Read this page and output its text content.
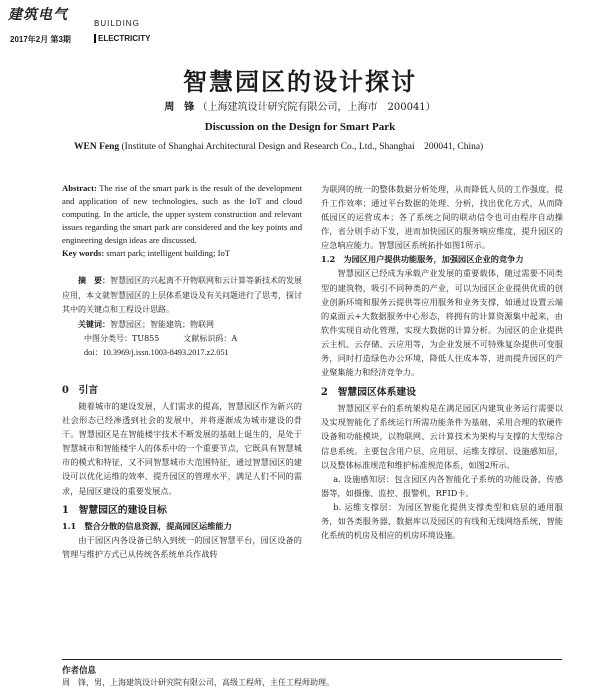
建筑电气
BUILDING
2017年2月 第3期	ELECTRICITY
智慧园区的设计探讨
周　锋 （上海建筑设计研究院有限公司，上海市　200041）
Discussion on the Design for Smart Park
WEN Feng (Institute of Shanghai Architectural Design and Research Co., Ltd., Shanghai　200041, China)

Abstract: The rise of the smart park is the result of the development and application of new technologies, such as the IoT and cloud computing. In the article, the upper system construction and relevant issues regarding the smart park are considered and the key points and engineering design ideas are discussed.

Key words: smart park; intelligent building; IoT

摘　要：智慧园区的兴起离不开物联网和云计算等新技术的发展应用，本文就智慧园区的上层体系建设及有关问题进行了思考，探讨其中的关键点和工程设计思路。

关键词：智慧园区；智能建筑；物联网

中图分类号：TU855   	文献标识码：A

doi：10.3969/j.issn.1003-8493.2017.z2.051

0　引言

随着城市的建设发展，人们需求的提高，智慧园区作为新兴的社会形态已经渗透到社会的发展中，并将逐渐成为城市建设的骨干。智慧园区是在智能楼宇技术不断发展的基础上诞生的，是处于智慧城市和智能楼宇人的体系中的一个重要节点，它既具有智慧城市的模式和特征，又不同智慧城市大范围特征，通过智慧园区的建设可以优化运维的效率、提升园区的管理水平，满足人们不同的需求，是园区建设的重要发展点。

1　智慧园区的建设目标

1.1　整合分散的信息资源，提高园区运维能力

由于园区内各设备已纳入到统一的园区智慧平台，园区设备的管理与维护方式已从传统各系统单兵作战转

为联网的统一的整体数据分析处理，从而降低人员的工作强度，提升工作效率；通过平台数据的处理、分析，找出优化方式，从而降低园区的运营成本；各了系统之间的联动信令也可由程序自动操作，省分则手动下发，进而加快园区的服务响应维度，提升园区的应急响应能力。智慧园区系统拓扑如图1所示。

1.2　为园区用户提供功能服务，加强园区企业的竞争力

智慧园区已经成为承载产业发展的重要载体，随过需要不同类型的建筑物，吸引不同种类的产业，可以为园区企业提供优质的创业创新环境和服务云提供等应用服务和业务支撑，如通过设置云端的桌面云+大数据服务中心形态，将拥有的计算资源集中起来，由软件实现自动化管理，实现大数据的计算分析。为园区的企业提供云主机、云存储、云应用等，为企业发展不可特殊复杂提供可变服务，同时打造绿色办公环境，降低人住成本等，进而提升园区的产业聚集能力和经济竞争力。

2　智慧园区体系建设

智慧园区平台的系统架构是在满足园区内建筑业务运行需要以及实现智能化了系统运行所需功能条件为基础，采用合理的软硬件设备和功能模块，以物联网、云计算技术为架构与支撑的大型综合信息系统。主要包含用户层、应用层、运维支撑层、设施感知层，以及整体标准规范和维护标准规范体系，如图2所示。

a. 设施感知层：包含园区内各智能化子系统的功能设备，传感器等，如摄像、监控、报警机，RFID卡。

b. 运维支撑层：为园区智能化提供支撑类型和底层的通用服务，如各类服务器、数据库以及园区的有线和无线网络系统，智能化系统的机房及相应的机房环境设施。

作者信息
周　锋，男，上海建筑设计研究院有限公司，高级工程师，主任工程师助理。
